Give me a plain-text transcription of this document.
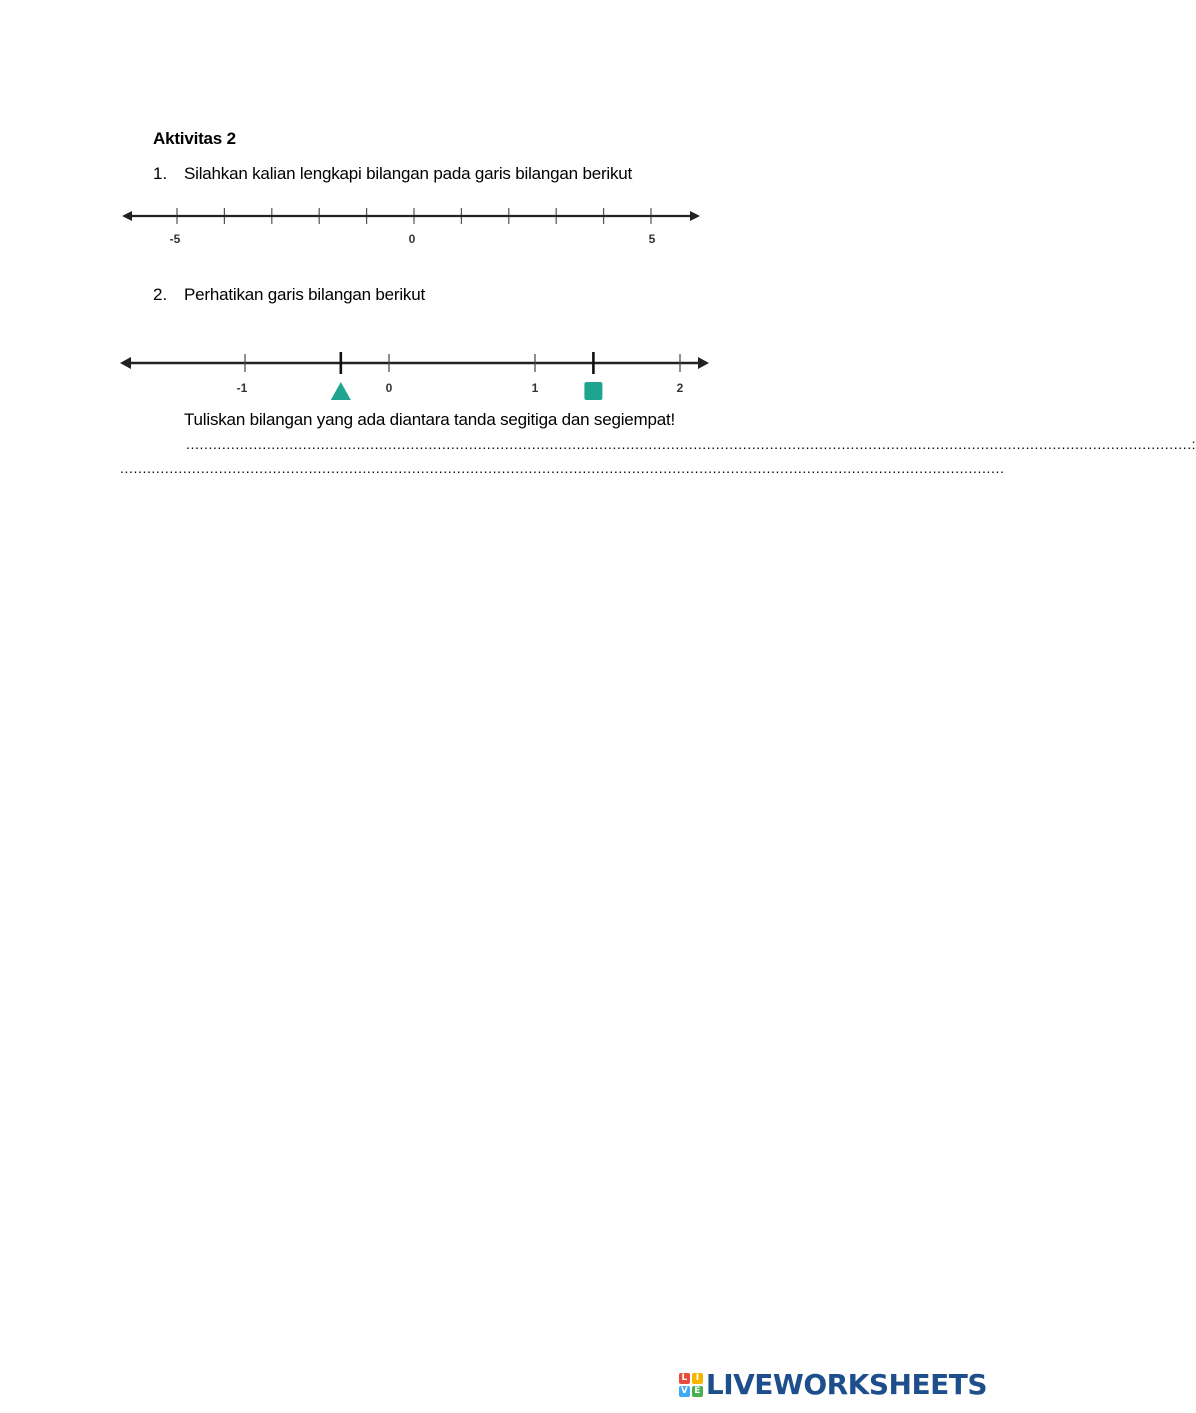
Aktivitas 2
1. Silahkan kalian lengkapi bilangan pada garis bilangan berikut
-5	0	5
2. Perhatikan garis bilangan berikut
-1	0	1	2
Tuliskan bilangan yang ada diantara tanda segitiga dan segiempat!
................................................................................................................................................................................................................................:
.....................................................................................................................................................................................................
L I
V E LIVEWORKSHEETS
